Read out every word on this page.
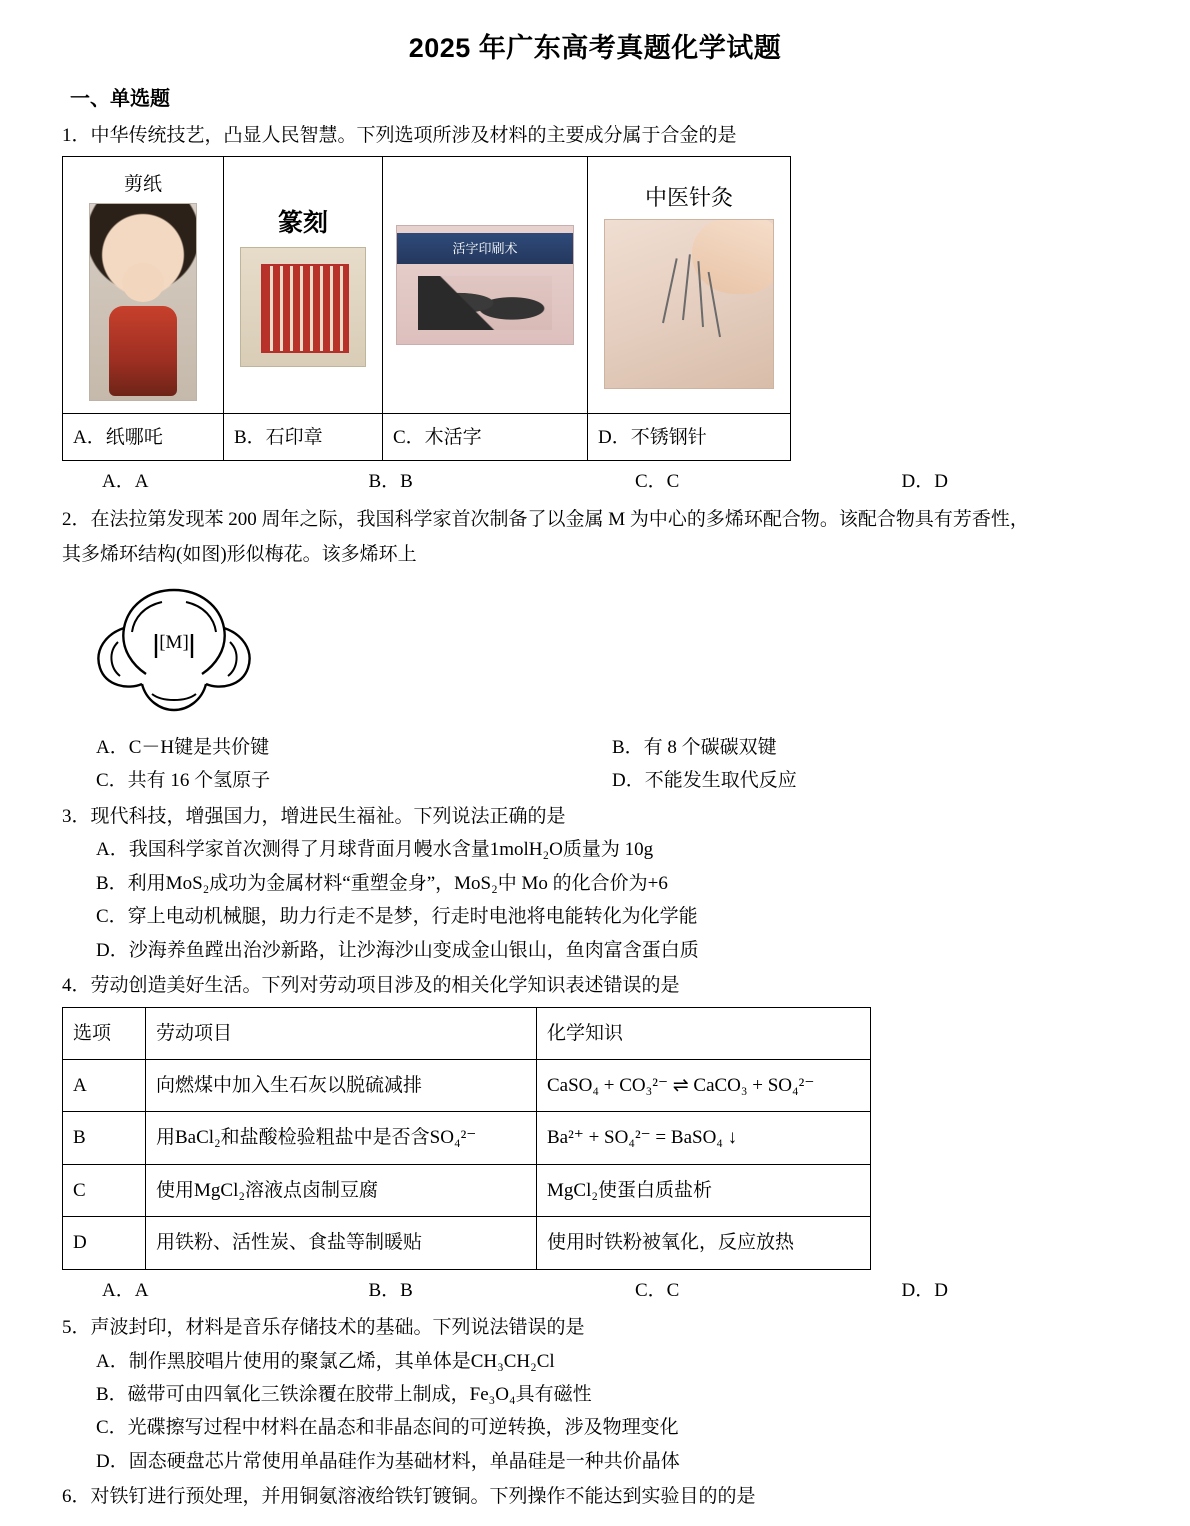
2025 年广东高考真题化学试题
一、单选题
1．中华传统技艺，凸显人民智慧。下列选项所涉及材料的主要成分属于合金的是
剪纸	篆刻	活字印刷术	中医针灸

A．纸哪吒	B．石印章	C．木活字	D．不锈钢针
A．A	B．B	C．C	D．D
2．在法拉第发现苯 200 周年之际，我国科学家首次制备了以金属 M 为中心的多烯环配合物。该配合物具有芳香性，
其多烯环结构(如图)形似梅花。该多烯环上
[M]
A．C－H键是共价键	B．有 8 个碳碳双键
C．共有 16 个氢原子	D．不能发生取代反应
3．现代科技，增强国力，增进民生福祉。下列说法正确的是
A．我国科学家首次测得了月球背面月幔水含量1molH₂O质量为 10g
B．利用MoS₂成功为金属材料“重塑金身”，MoS₂中 Mo 的化合价为+6
C．穿上电动机械腿，助力行走不是梦，行走时电池将电能转化为化学能
D．沙海养鱼蹚出治沙新路，让沙海沙山变成金山银山，鱼肉富含蛋白质
4．劳动创造美好生活。下列对劳动项目涉及的相关化学知识表述错误的是
选项	劳动项目	化学知识
A	向燃煤中加入生石灰以脱硫减排	CaSO₄ + CO₃²⁻ ⇌ CaCO₃ + SO₄²⁻
B	用BaCl₂和盐酸检验粗盐中是否含SO₄²⁻	Ba²⁺ + SO₄²⁻ = BaSO₄ ↓
C	使用MgCl₂溶液点卤制豆腐	MgCl₂使蛋白质盐析
D	用铁粉、活性炭、食盐等制暖贴	使用时铁粉被氧化，反应放热
A．A	B．B	C．C	D．D
5．声波封印，材料是音乐存储技术的基础。下列说法错误的是
A．制作黑胶唱片使用的聚氯乙烯，其单体是CH₃CH₂Cl
B．磁带可由四氧化三铁涂覆在胶带上制成，Fe₃O₄具有磁性
C．光碟擦写过程中材料在晶态和非晶态间的可逆转换，涉及物理变化
D．固态硬盘芯片常使用单晶硅作为基础材料，单晶硅是一种共价晶体
6．对铁钉进行预处理，并用铜氨溶液给铁钉镀铜。下列操作不能达到实验目的的是
